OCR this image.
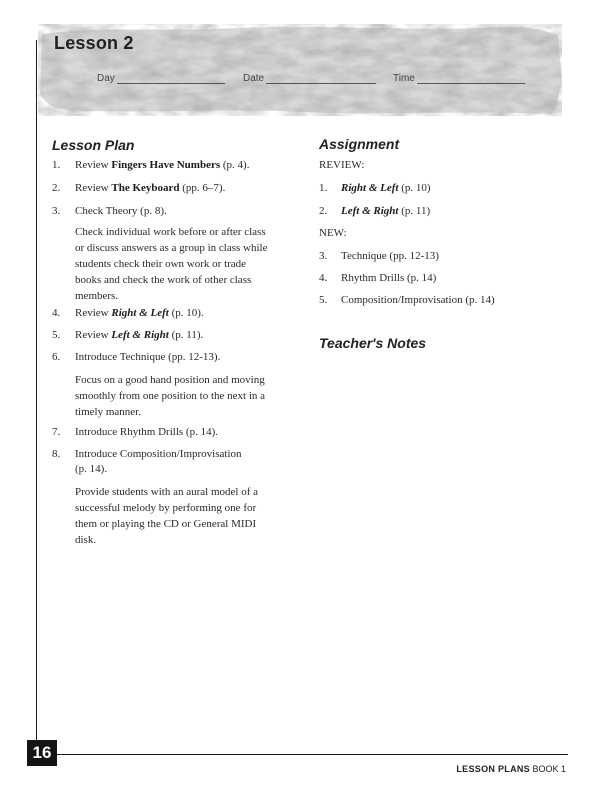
Lesson 2
Day	Date	Time
Lesson Plan
1. Review Fingers Have Numbers (p. 4).
2. Review The Keyboard (pp. 6–7).
3. Check Theory (p. 8).
Check individual work before or after class
or discuss answers as a group in class while
students check their own work or trade
books and check the work of other class
members.
4. Review Right & Left (p. 10).
5. Review Left & Right (p. 11).
6. Introduce Technique (pp. 12-13).
Focus on a good hand position and moving
smoothly from one position to the next in a
timely manner.
7. Introduce Rhythm Drills (p. 14).
8. Introduce Composition/Improvisation
(p. 14).
Provide students with an aural model of a
successful melody by performing one for
them or playing the CD or General MIDI
disk.
Assignment
REVIEW:
1. Right & Left (p. 10)
2. Left & Right (p. 11)
NEW:
3. Technique (pp. 12-13)
4. Rhythm Drills (p. 14)
5. Composition/Improvisation (p. 14)
Teacher's Notes
16
LESSON PLANS BOOK 1
